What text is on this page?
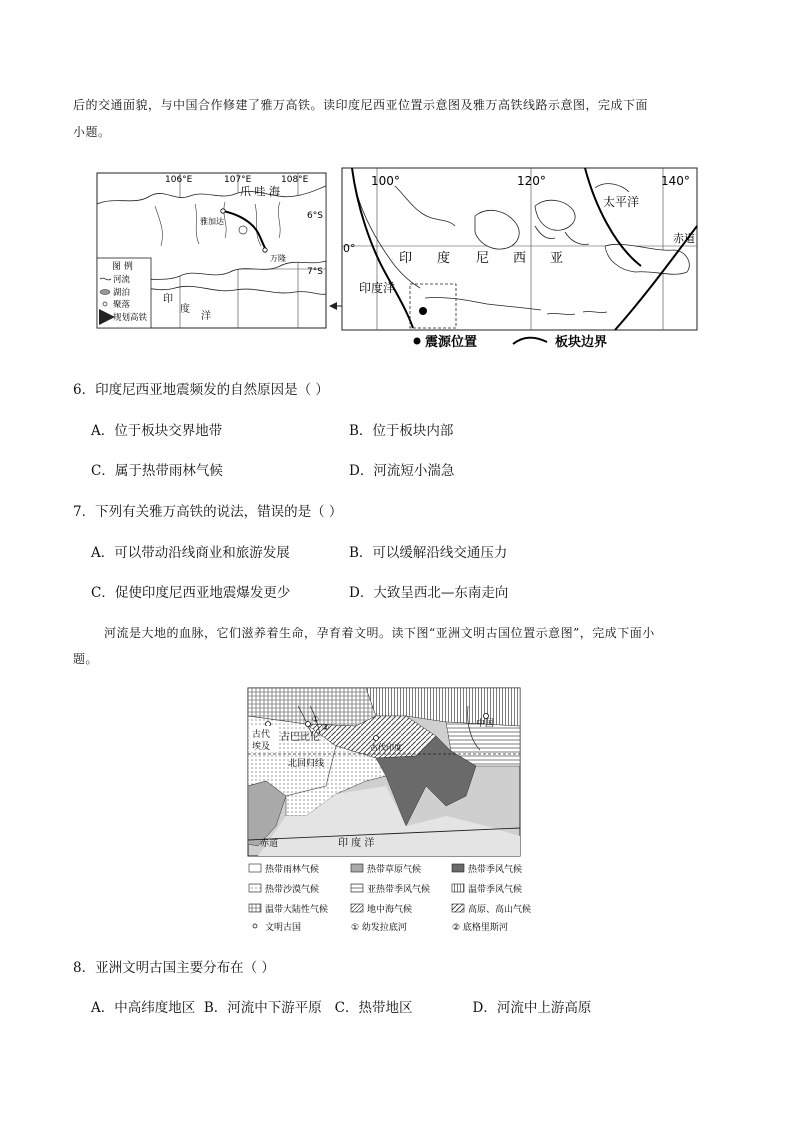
后的交通面貌，与中国合作修建了雅万高铁。读印度尼西亚位置示意图及雅万高铁线路示意图，完成下面
小题。
106°E	107°E	108°E
6°S
7°S
爪 哇 海
雅加达
万隆
印
度
洋
图 例
河流
湖泊
聚落
规划高铁
100°	120°	140°
0°
赤道
太平洋
印 度 尼 西 亚
印度洋
震源位置	板块边界
6．印度尼西亚地震频发的自然原因是（ ）
A．位于板块交界地带	B．位于板块内部
C．属于热带雨林气候	D．河流短小湍急
7．下列有关雅万高铁的说法，错误的是（ ）
A．可以带动沿线商业和旅游发展	B．可以缓解沿线交通压力
C．促使印度尼西亚地震爆发更少	D．大致呈西北—东南走向
河流是大地的血脉，它们滋养着生命，孕育着文明。读下图“亚洲文明古国位置示意图”，完成下面小
题。
古代
埃及
古巴比伦
古代印度
中国
北回归线
赤道	印 度 洋
①
②
热带雨林气候	热带草原气候	热带季风气候
热带沙漠气候	亚热带季风气候	温带季风气候
温带大陆性气候	地中海气候	高原、高山气候
文明古国	① 幼发拉底河	② 底格里斯河
8．亚洲文明古国主要分布在（ ）
A．中高纬度地区  B．河流中下游平原   C．热带地区              D．河流中上游高原
